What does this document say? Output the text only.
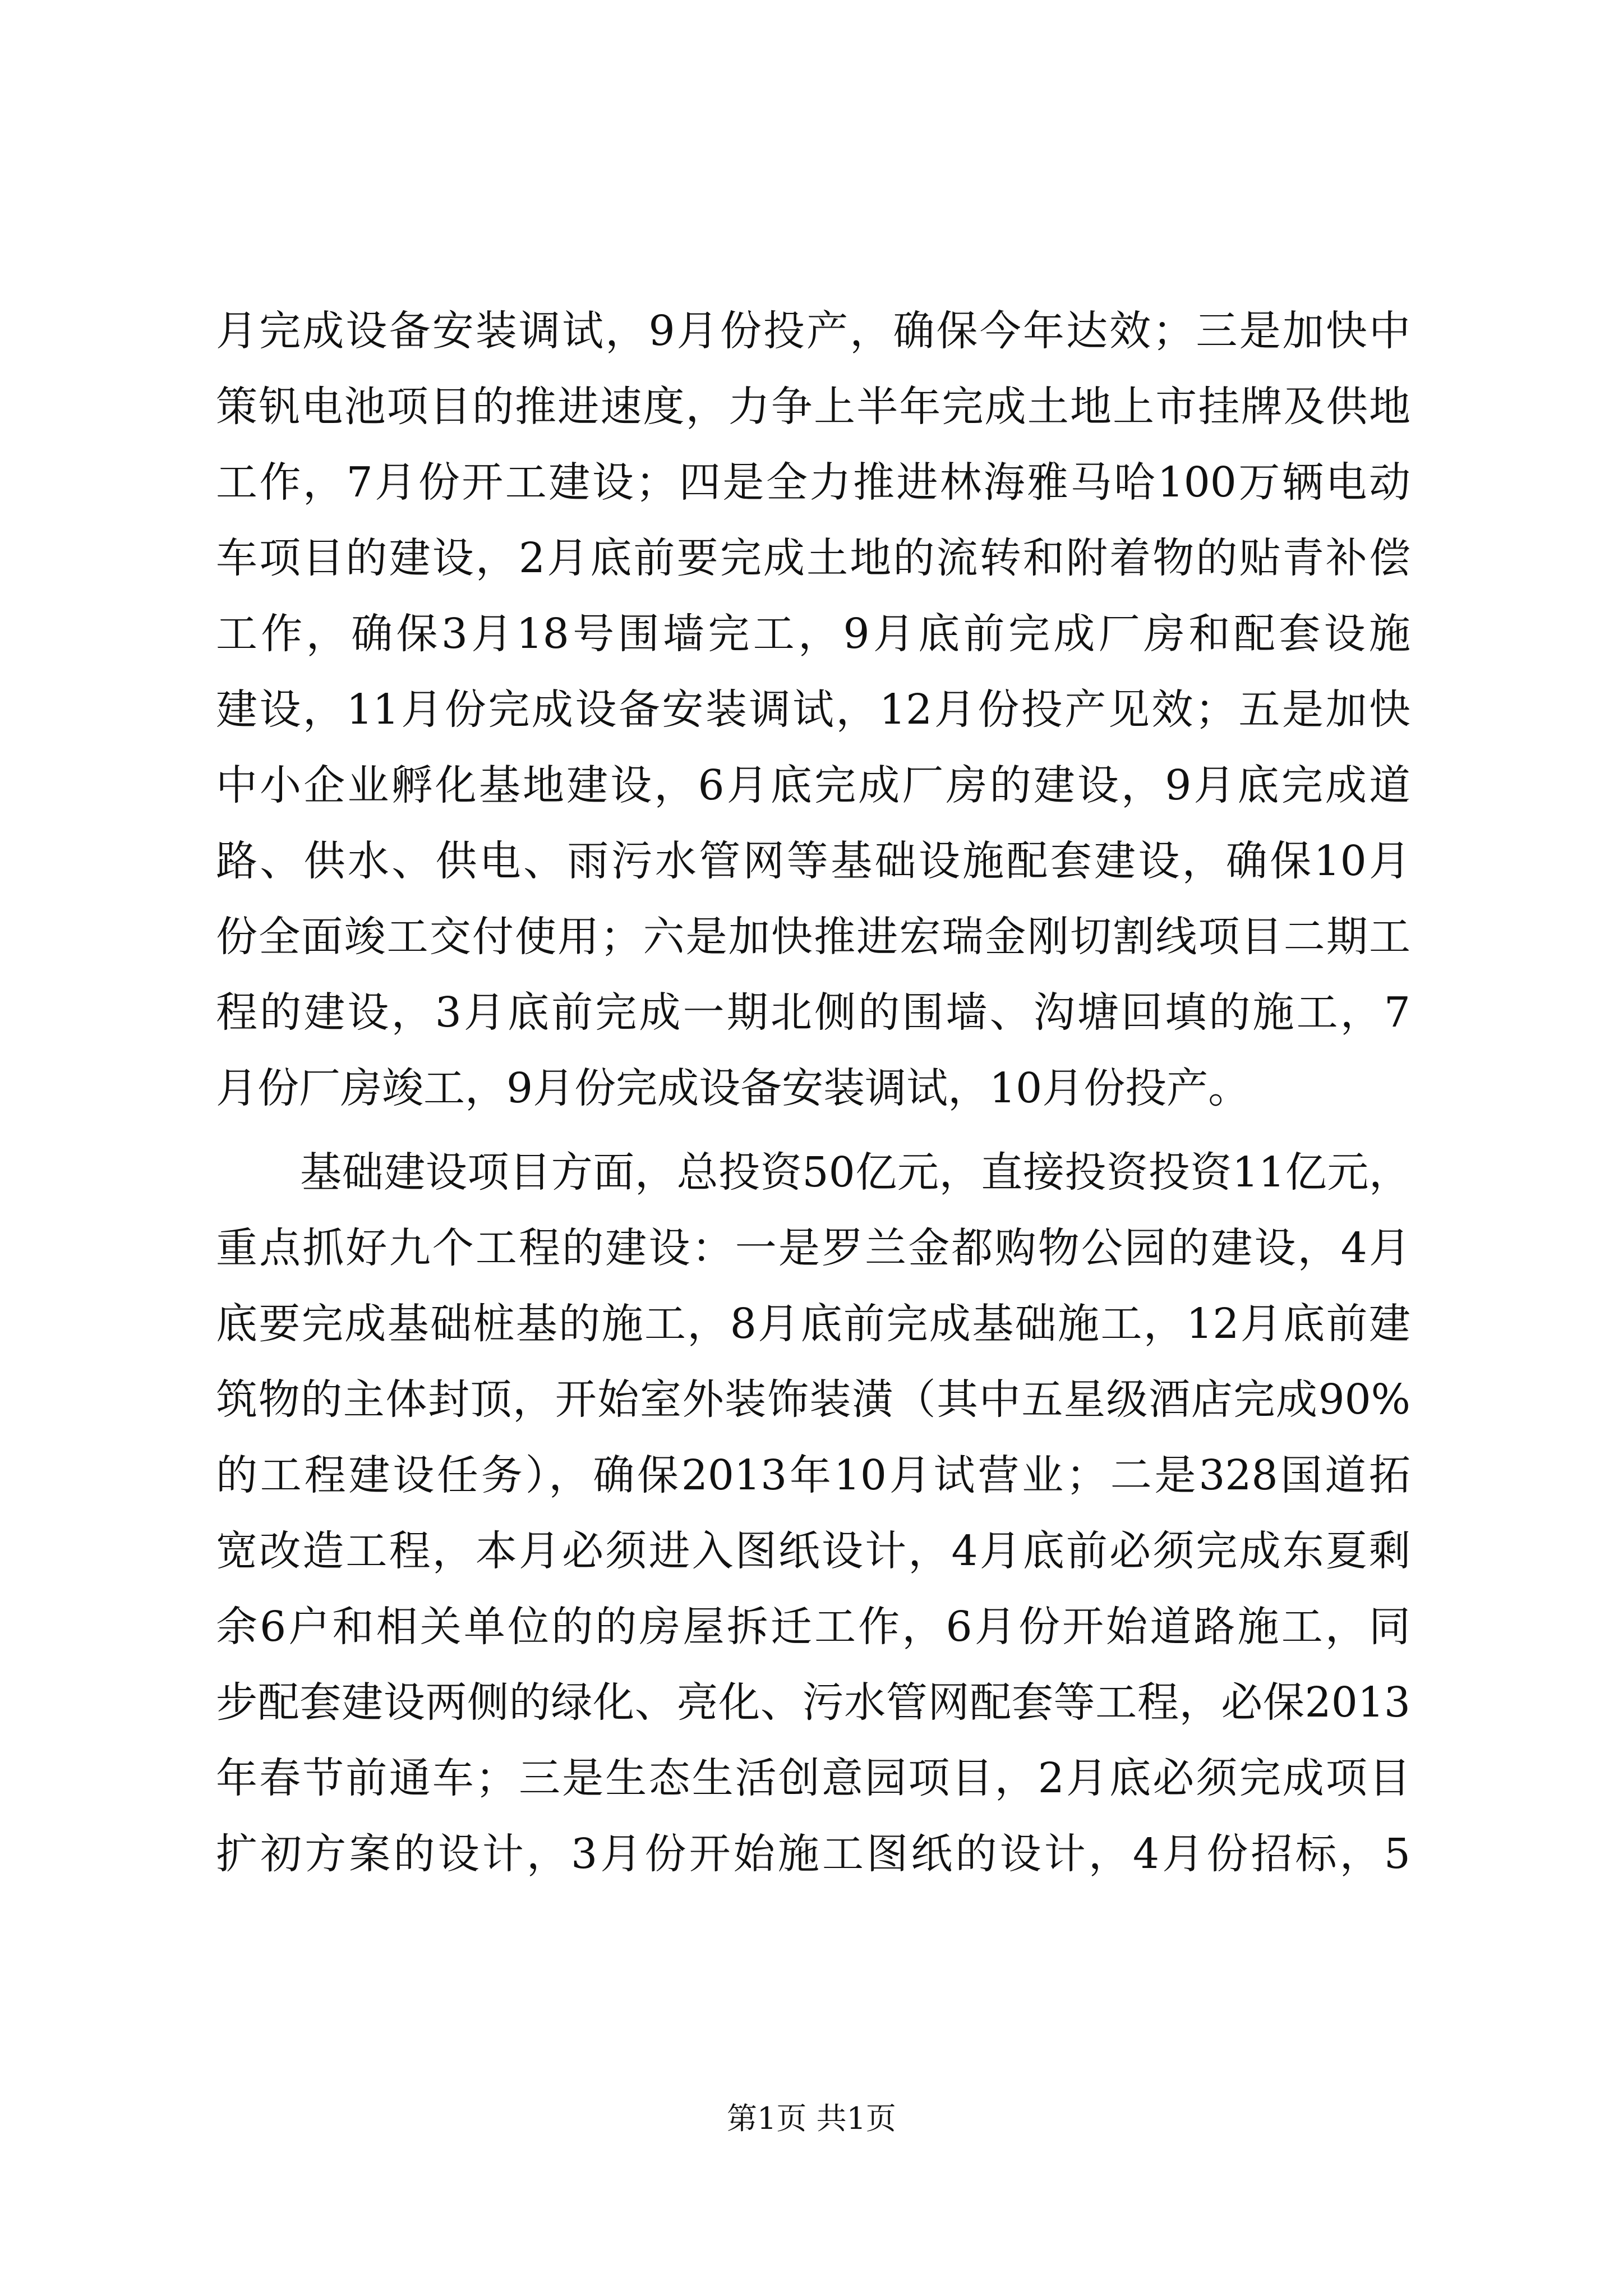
月完成设备安装调试，9月份投产，确保今年达效；三是加快中

策钒电池项目的推进速度，力争上半年完成土地上市挂牌及供地

工作，7月份开工建设；四是全力推进林海雅马哈100万辆电动

车项目的建设，2月底前要完成土地的流转和附着物的贴青补偿

工作，确保3月18号围墙完工，9月底前完成厂房和配套设施

建设，11月份完成设备安装调试，12月份投产见效；五是加快

中小企业孵化基地建设，6月底完成厂房的建设，9月底完成道

路、供水、供电、雨污水管网等基础设施配套建设，确保10月

份全面竣工交付使用；六是加快推进宏瑞金刚切割线项目二期工

程的建设，3月底前完成一期北侧的围墙、沟塘回填的施工，7

月份厂房竣工，9月份完成设备安装调试，10月份投产。

基础建设项目方面，总投资50亿元，直接投资投资11亿元，

重点抓好九个工程的建设：一是罗兰金都购物公园的建设，4月

底要完成基础桩基的施工，8月底前完成基础施工，12月底前建

筑物的主体封顶，开始室外装饰装潢（其中五星级酒店完成90%

的工程建设任务），确保2013年10月试营业；二是328国道拓

宽改造工程，本月必须进入图纸设计，4月底前必须完成东夏剩

余6户和相关单位的的房屋拆迁工作，6月份开始道路施工，同

步配套建设两侧的绿化、亮化、污水管网配套等工程，必保2013

年春节前通车；三是生态生活创意园项目，2月底必须完成项目

扩初方案的设计，3月份开始施工图纸的设计，4月份招标，5

第1页 共1页
